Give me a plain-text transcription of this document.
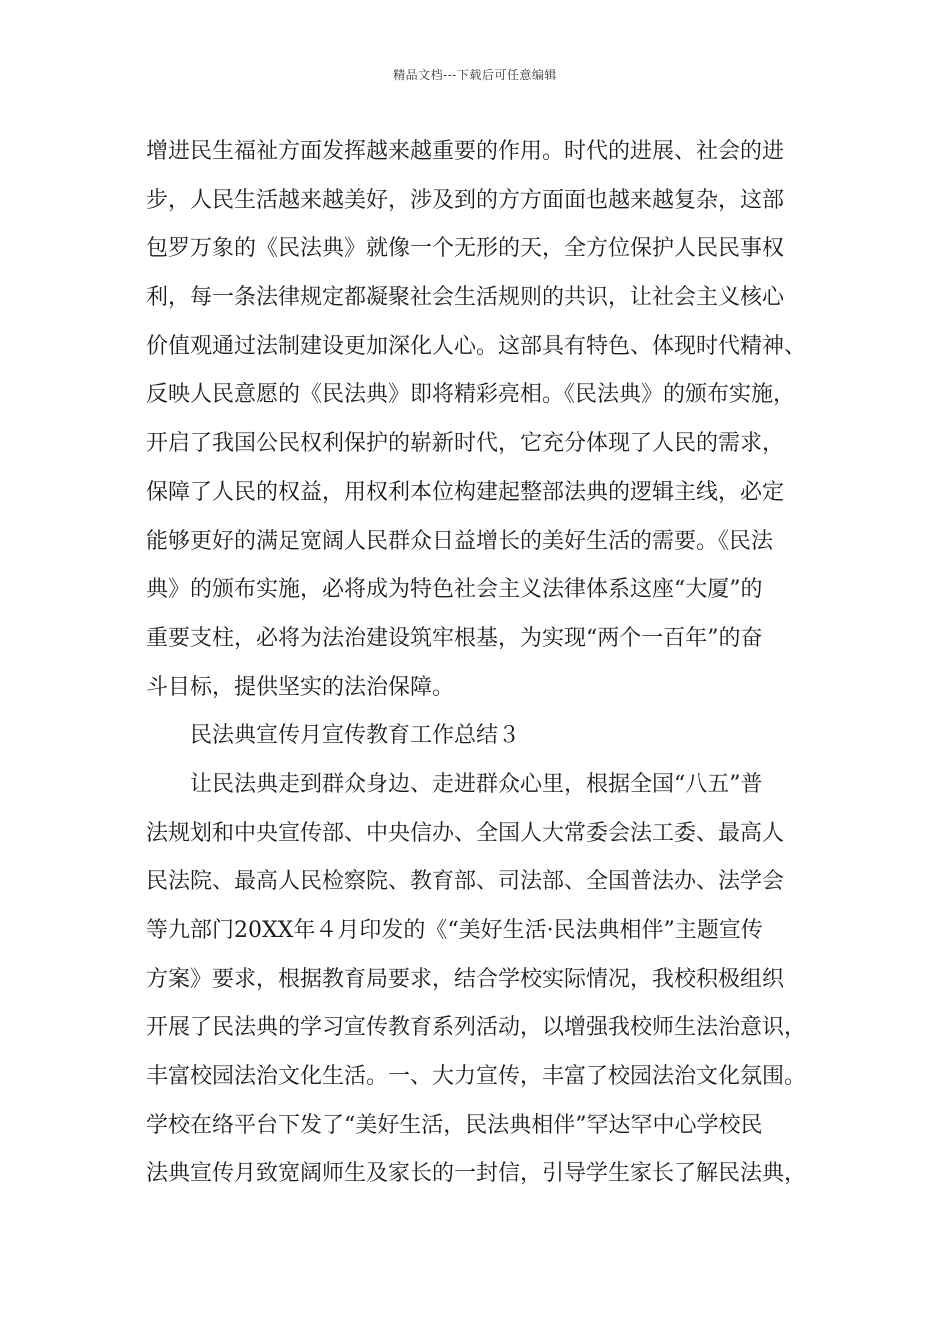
精品文档---下载后可任意编辑
增进民生福祉方面发挥越来越重要的作用。时代的进展、社会的进
步，人民生活越来越美好，涉及到的方方面面也越来越复杂，这部
包罗万象的《民法典》就像一个无形的天，全方位保护人民民事权
利，每一条法律规定都凝聚社会生活规则的共识，让社会主义核心
价值观通过法制建设更加深化人心。这部具有特色、体现时代精神、
反映人民意愿的《民法典》即将精彩亮相。《民法典》的颁布实施，
开启了我国公民权利保护的崭新时代，它充分体现了人民的需求，
保障了人民的权益，用权利本位构建起整部法典的逻辑主线，必定
能够更好的满足宽阔人民群众日益增长的美好生活的需要。《民法
典》的颁布实施，必将成为特色社会主义法律体系这座“大厦”的
重要支柱，必将为法治建设筑牢根基，为实现“两个一百年”的奋
斗目标，提供坚实的法治保障。
民法典宣传月宣传教育工作总结３
让民法典走到群众身边、走进群众心里，根据全国“八五”普
法规划和中央宣传部、中央信办、全国人大常委会法工委、最高人
民法院、最高人民检察院、教育部、司法部、全国普法办、法学会
等九部门20XX年４月印发的《“美好生活·民法典相伴”主题宣传
方案》要求，根据教育局要求，结合学校实际情况，我校积极组织
开展了民法典的学习宣传教育系列活动，以增强我校师生法治意识，
丰富校园法治文化生活。一、大力宣传，丰富了校园法治文化氛围。
学校在络平台下发了“美好生活，民法典相伴”罕达罕中心学校民
法典宣传月致宽阔师生及家长的一封信，引导学生家长了解民法典，
